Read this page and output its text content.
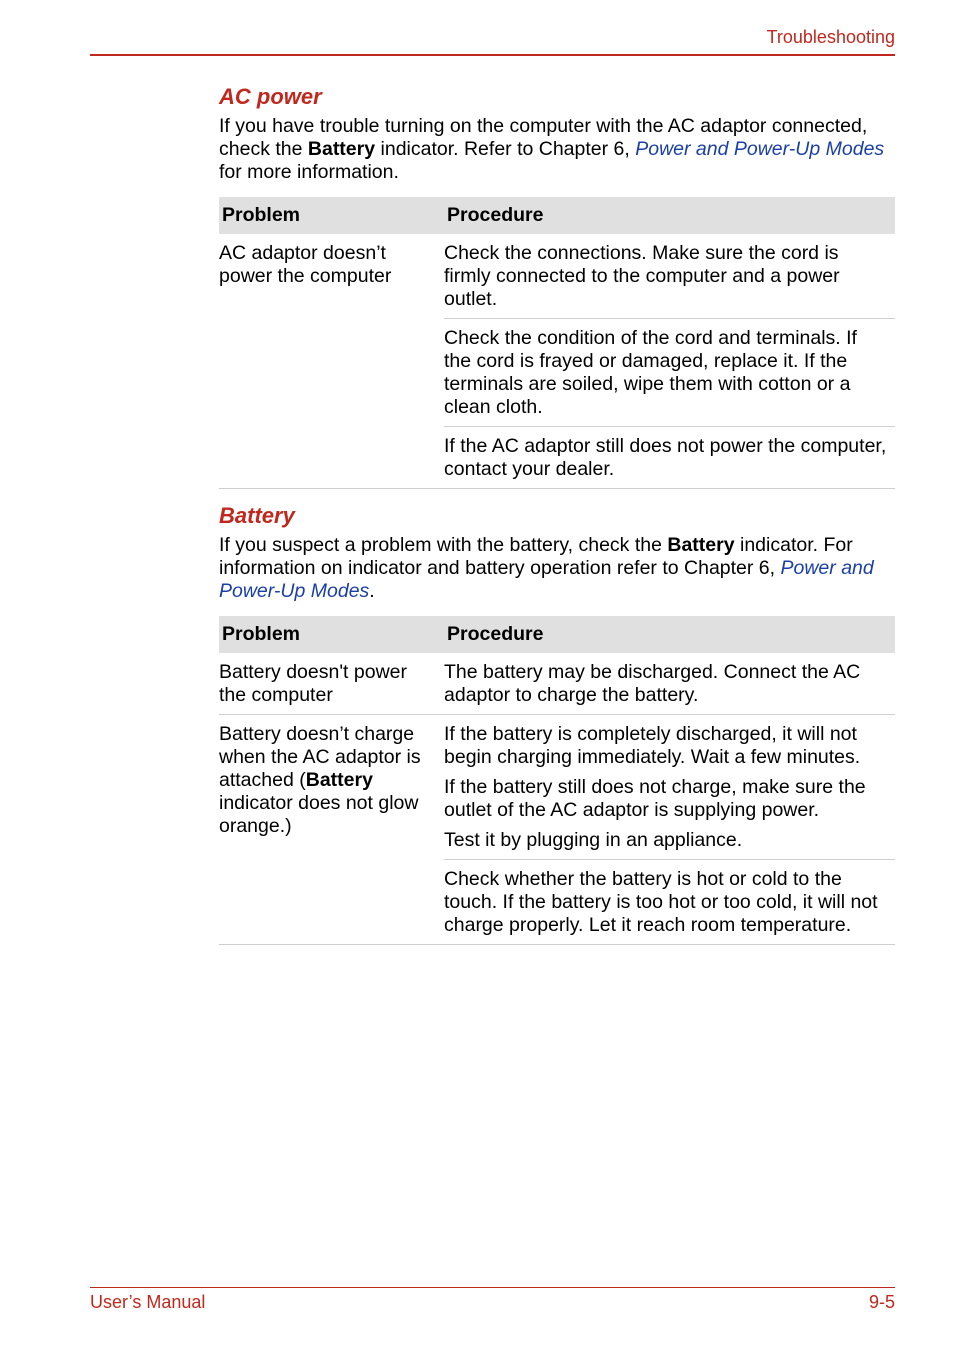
Troubleshooting
AC power

If you have trouble turning on the computer with the AC adaptor connected, check the Battery indicator. Refer to Chapter 6, Power and Power-Up Modes for more information.

Problem	Procedure
AC adaptor doesn’t power the computer	Check the connections. Make sure the cord is firmly connected to the computer and a power outlet.
	Check the condition of the cord and terminals. If the cord is frayed or damaged, replace it. If the terminals are soiled, wipe them with cotton or a clean cloth.
	If the AC adaptor still does not power the computer, contact your dealer.
Battery

If you suspect a problem with the battery, check the Battery indicator. For information on indicator and battery operation refer to Chapter 6, Power and Power-Up Modes.

Problem	Procedure
Battery doesn't power the computer	The battery may be discharged. Connect the AC adaptor to charge the battery.
Battery doesn’t charge when the AC adaptor is attached (Battery indicator does not glow orange.)	If the battery is completely discharged, it will not begin charging immediately. Wait a few minutes.

If the battery still does not charge, make sure the outlet of the AC adaptor is supplying power.

Test it by plugging in an appliance.

	Check whether the battery is hot or cold to the touch. If the battery is too hot or too cold, it will not charge properly. Let it reach room temperature.
User’s Manual	9-5
